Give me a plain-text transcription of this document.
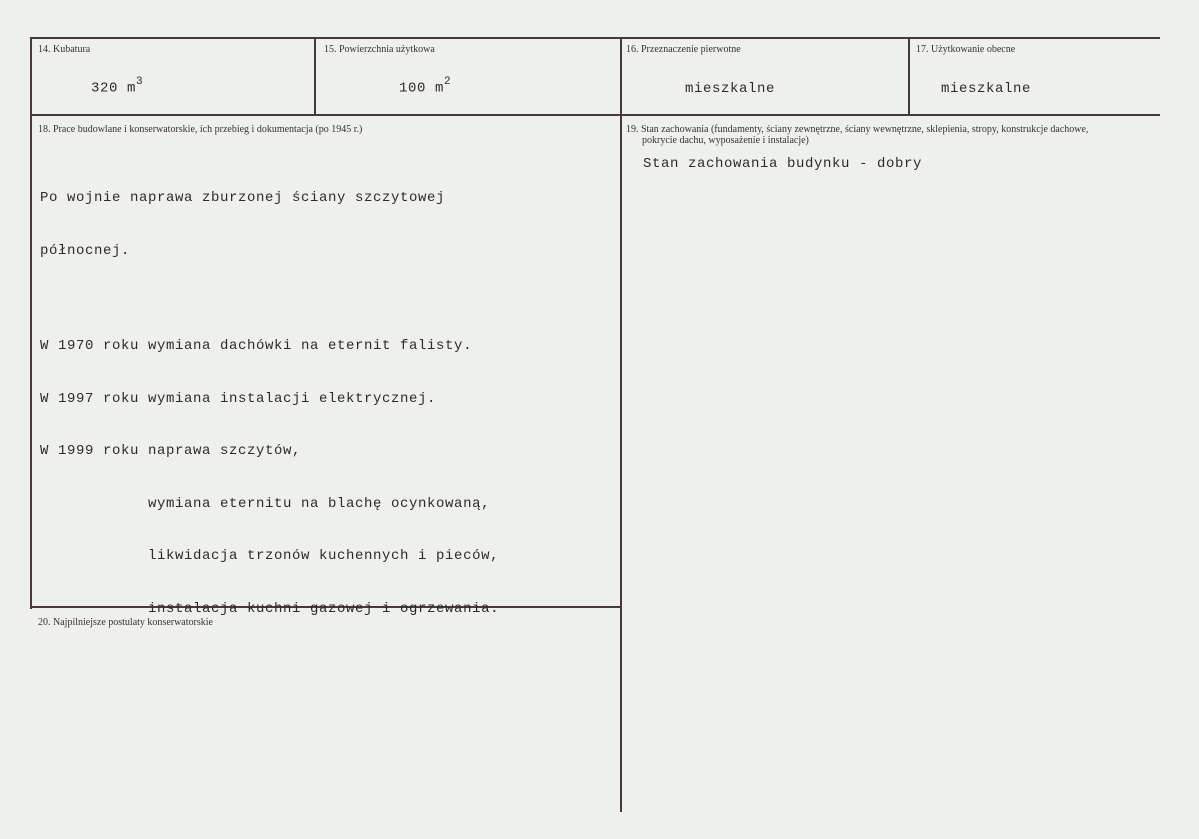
14. Kubatura
320 $m^3$
15. Powierzchnia użytkowa
100 $m^2$
16. Przeznaczenie pierwotne
mieszkalne
17. Użytkowanie obecne
mieszkalne
18. Prace budowlane i konserwatorskie, ich przebieg i dokumentacja (po 1945 r.)

Po wojnie naprawa zburzonej ściany szczytowej

północnej.

W 1970 roku wymiana dachówki na eternit falisty.

W 1997 roku wymiana instalacji elektrycznej.

W 1999 roku naprawa szczytów,

wymiana eternitu na blachę ocynkowaną,

likwidacja trzonów kuchennych i pieców,

instalacja kuchni gazowej i ogrzewania.

19. Stan zachowania (fundamenty, ściany zewnętrzne, ściany wewnętrzne, sklepienia, stropy, konstrukcje dachowe,
pokrycie dachu, wyposażenie i instalacje)
Stan zachowania budynku - dobry
20. Najpilniejsze postulaty konserwatorskie
